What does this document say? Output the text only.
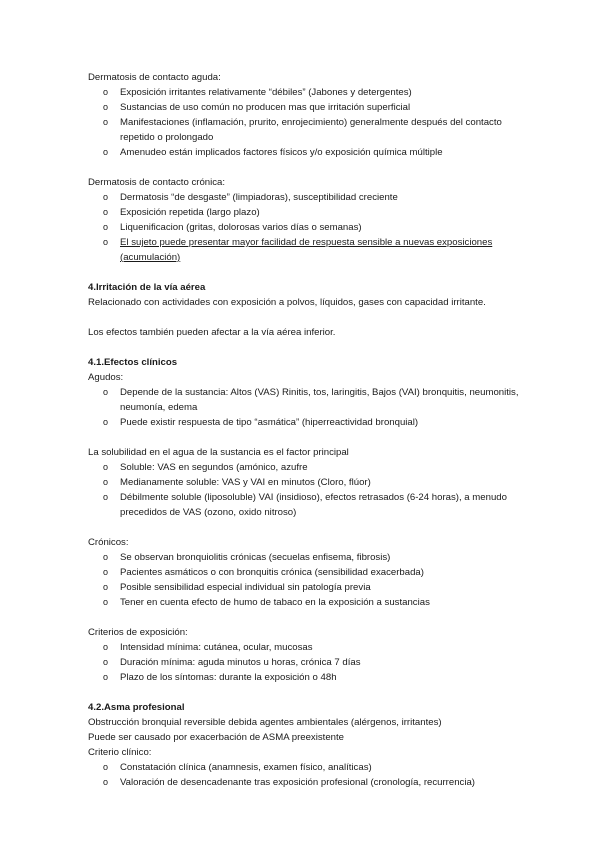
Dermatosis de contacto aguda:
o Exposición irritantes relativamente “débiles” (Jabones y detergentes)
o Sustancias de uso común no producen mas que irritación superficial
o Manifestaciones (inflamación, prurito, enrojecimiento) generalmente después del contacto repetido o prolongado
o Amenudeo están implicados factores físicos y/o exposición química múltiple
Dermatosis de contacto crónica:
o Dermatosis “de desgaste” (limpiadoras), susceptibilidad creciente
o Exposición repetida (largo plazo)
o Liquenificacion (gritas, dolorosas varios días o semanas)
o El sujeto puede presentar mayor facilidad de respuesta sensible a nuevas exposiciones (acumulación)
4.Irritación de la vía aérea
Relacionado con actividades con exposición a polvos, líquidos, gases con capacidad irritante.
Los efectos también pueden afectar a la vía aérea inferior.
4.1.Efectos clínicos
Agudos:
o Depende de la sustancia: Altos (VAS) Rinitis, tos, laringitis, Bajos (VAI) bronquitis, neumonitis, neumonía, edema
o Puede existir respuesta de tipo “asmática” (hiperreactividad bronquial)
La solubilidad en el agua de la sustancia es el factor principal
o Soluble: VAS en segundos (amónico, azufre
o Medianamente soluble: VAS y VAI en minutos (Cloro, flúor)
o Débilmente soluble (liposoluble) VAI (insidioso), efectos retrasados (6-24 horas), a menudo precedidos de VAS (ozono, oxido nitroso)
Crónicos:
o Se observan bronquiolitis crónicas (secuelas enfisema, fibrosis)
o Pacientes asmáticos o con bronquitis crónica (sensibilidad exacerbada)
o Posible sensibilidad especial individual sin patología previa
o Tener en cuenta efecto de humo de tabaco en la exposición a sustancias
Criterios de exposición:
o Intensidad mínima: cutánea, ocular, mucosas
o Duración mínima: aguda minutos u horas, crónica 7 días
o Plazo de los síntomas: durante la exposición o 48h
4.2.Asma profesional
Obstrucción bronquial reversible debida agentes ambientales (alérgenos, irritantes)
Puede ser causado por exacerbación de ASMA preexistente
Criterio clínico:
o Constatación clínica (anamnesis, examen físico, analíticas)
o Valoración de desencadenante tras exposición profesional (cronología, recurrencia)
